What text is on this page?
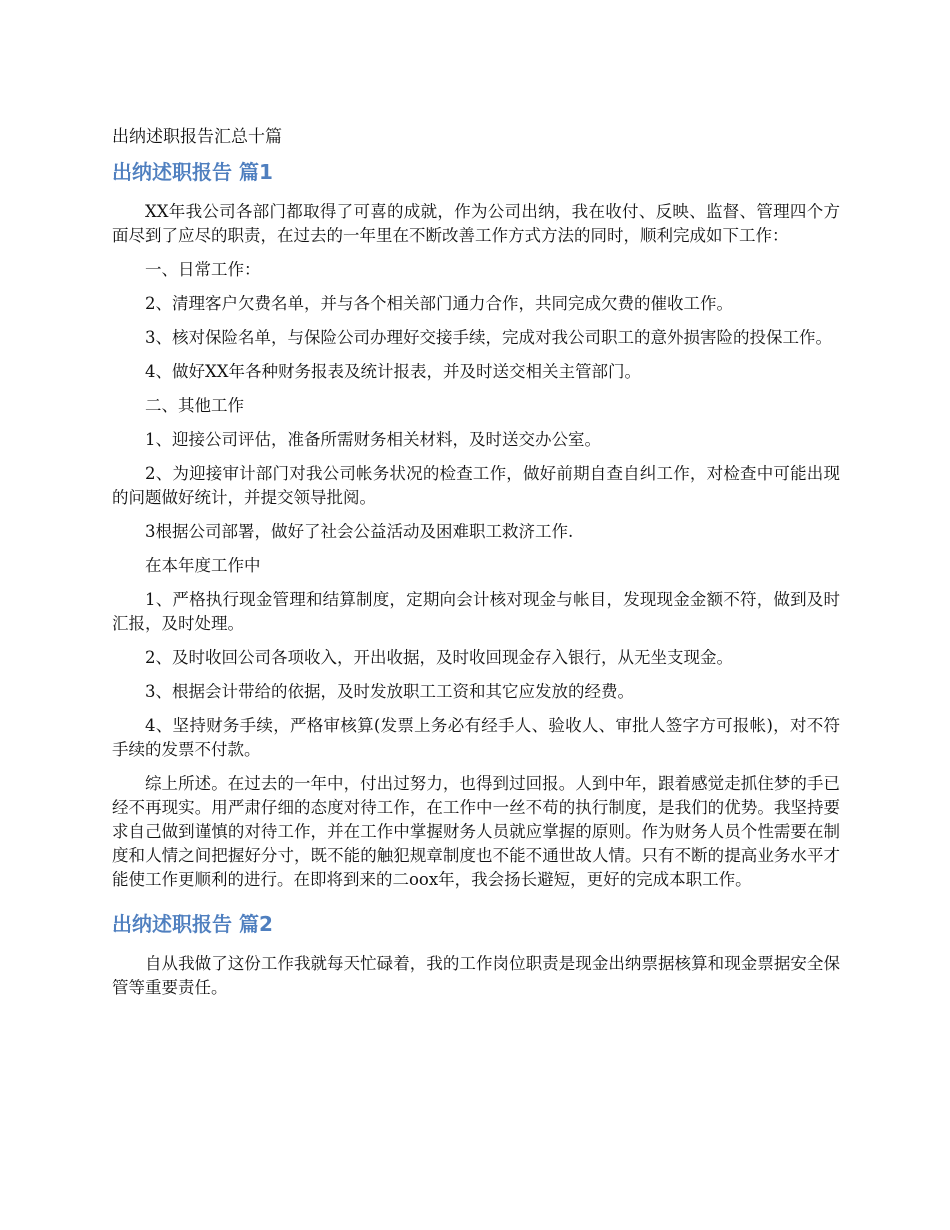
出纳述职报告汇总十篇
出纳述职报告 篇1

XX年我公司各部门都取得了可喜的成就，作为公司出纳，我在收付、反映、监督、管理四个方面尽到了应尽的职责，在过去的一年里在不断改善工作方式方法的同时，顺利完成如下工作：

一、日常工作：

2、清理客户欠费名单，并与各个相关部门通力合作，共同完成欠费的催收工作。

3、核对保险名单，与保险公司办理好交接手续，完成对我公司职工的意外损害险的投保工作。

4、做好XX年各种财务报表及统计报表，并及时送交相关主管部门。

二、其他工作

1、迎接公司评估，准备所需财务相关材料，及时送交办公室。

2、为迎接审计部门对我公司帐务状况的检查工作，做好前期自查自纠工作，对检查中可能出现的问题做好统计，并提交领导批阅。

3根据公司部署，做好了社会公益活动及困难职工救济工作.

在本年度工作中

1、严格执行现金管理和结算制度，定期向会计核对现金与帐目，发现现金金额不符，做到及时汇报，及时处理。

2、及时收回公司各项收入，开出收据，及时收回现金存入银行，从无坐支现金。

3、根据会计带给的依据，及时发放职工工资和其它应发放的经费。

4、坚持财务手续，严格审核算(发票上务必有经手人、验收人、审批人签字方可报帐)，对不符手续的发票不付款。

综上所述。在过去的一年中，付出过努力，也得到过回报。人到中年，跟着感觉走抓住梦的手已经不再现实。用严肃仔细的态度对待工作，在工作中一丝不苟的执行制度，是我们的优势。我坚持要求自己做到谨慎的对待工作，并在工作中掌握财务人员就应掌握的原则。作为财务人员个性需要在制度和人情之间把握好分寸，既不能的触犯规章制度也不能不通世故人情。只有不断的提高业务水平才能使工作更顺利的进行。在即将到来的二oox年，我会扬长避短，更好的完成本职工作。

出纳述职报告 篇2

自从我做了这份工作我就每天忙碌着，我的工作岗位职责是现金出纳票据核算和现金票据安全保管等重要责任。
